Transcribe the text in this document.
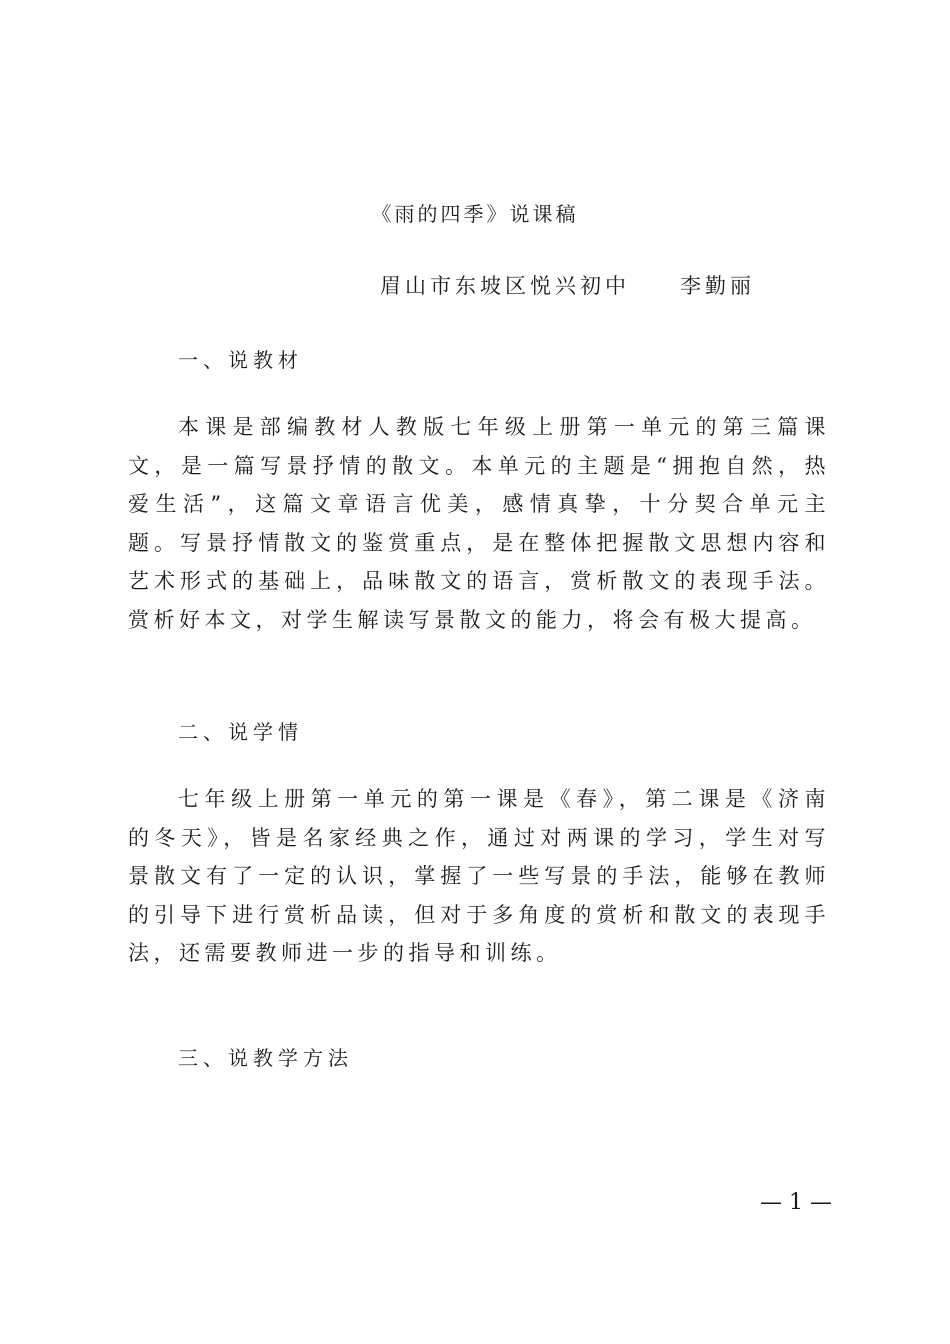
《雨的四季》说课稿
眉山市东坡区悦兴初中 李勤丽
一、说教材
本课是部编教材人教版七年级上册第一单元的第三篇课文，是一篇写景抒情的散文。本单元的主题是“拥抱自然，热爱生活”，这篇文章语言优美，感情真挚，十分契合单元主题。写景抒情散文的鉴赏重点，是在整体把握散文思想内容和艺术形式的基础上，品味散文的语言，赏析散文的表现手法。赏析好本文，对学生解读写景散文的能力，将会有极大提高。
二、说学情
七年级上册第一单元的第一课是《春》，第二课是《济南的冬天》，皆是名家经典之作，通过对两课的学习，学生对写景散文有了一定的认识，掌握了一些写景的手法，能够在教师的引导下进行赏析品读，但对于多角度的赏析和散文的表现手法，还需要教师进一步的指导和训练。
三、说教学方法
— 1 —
